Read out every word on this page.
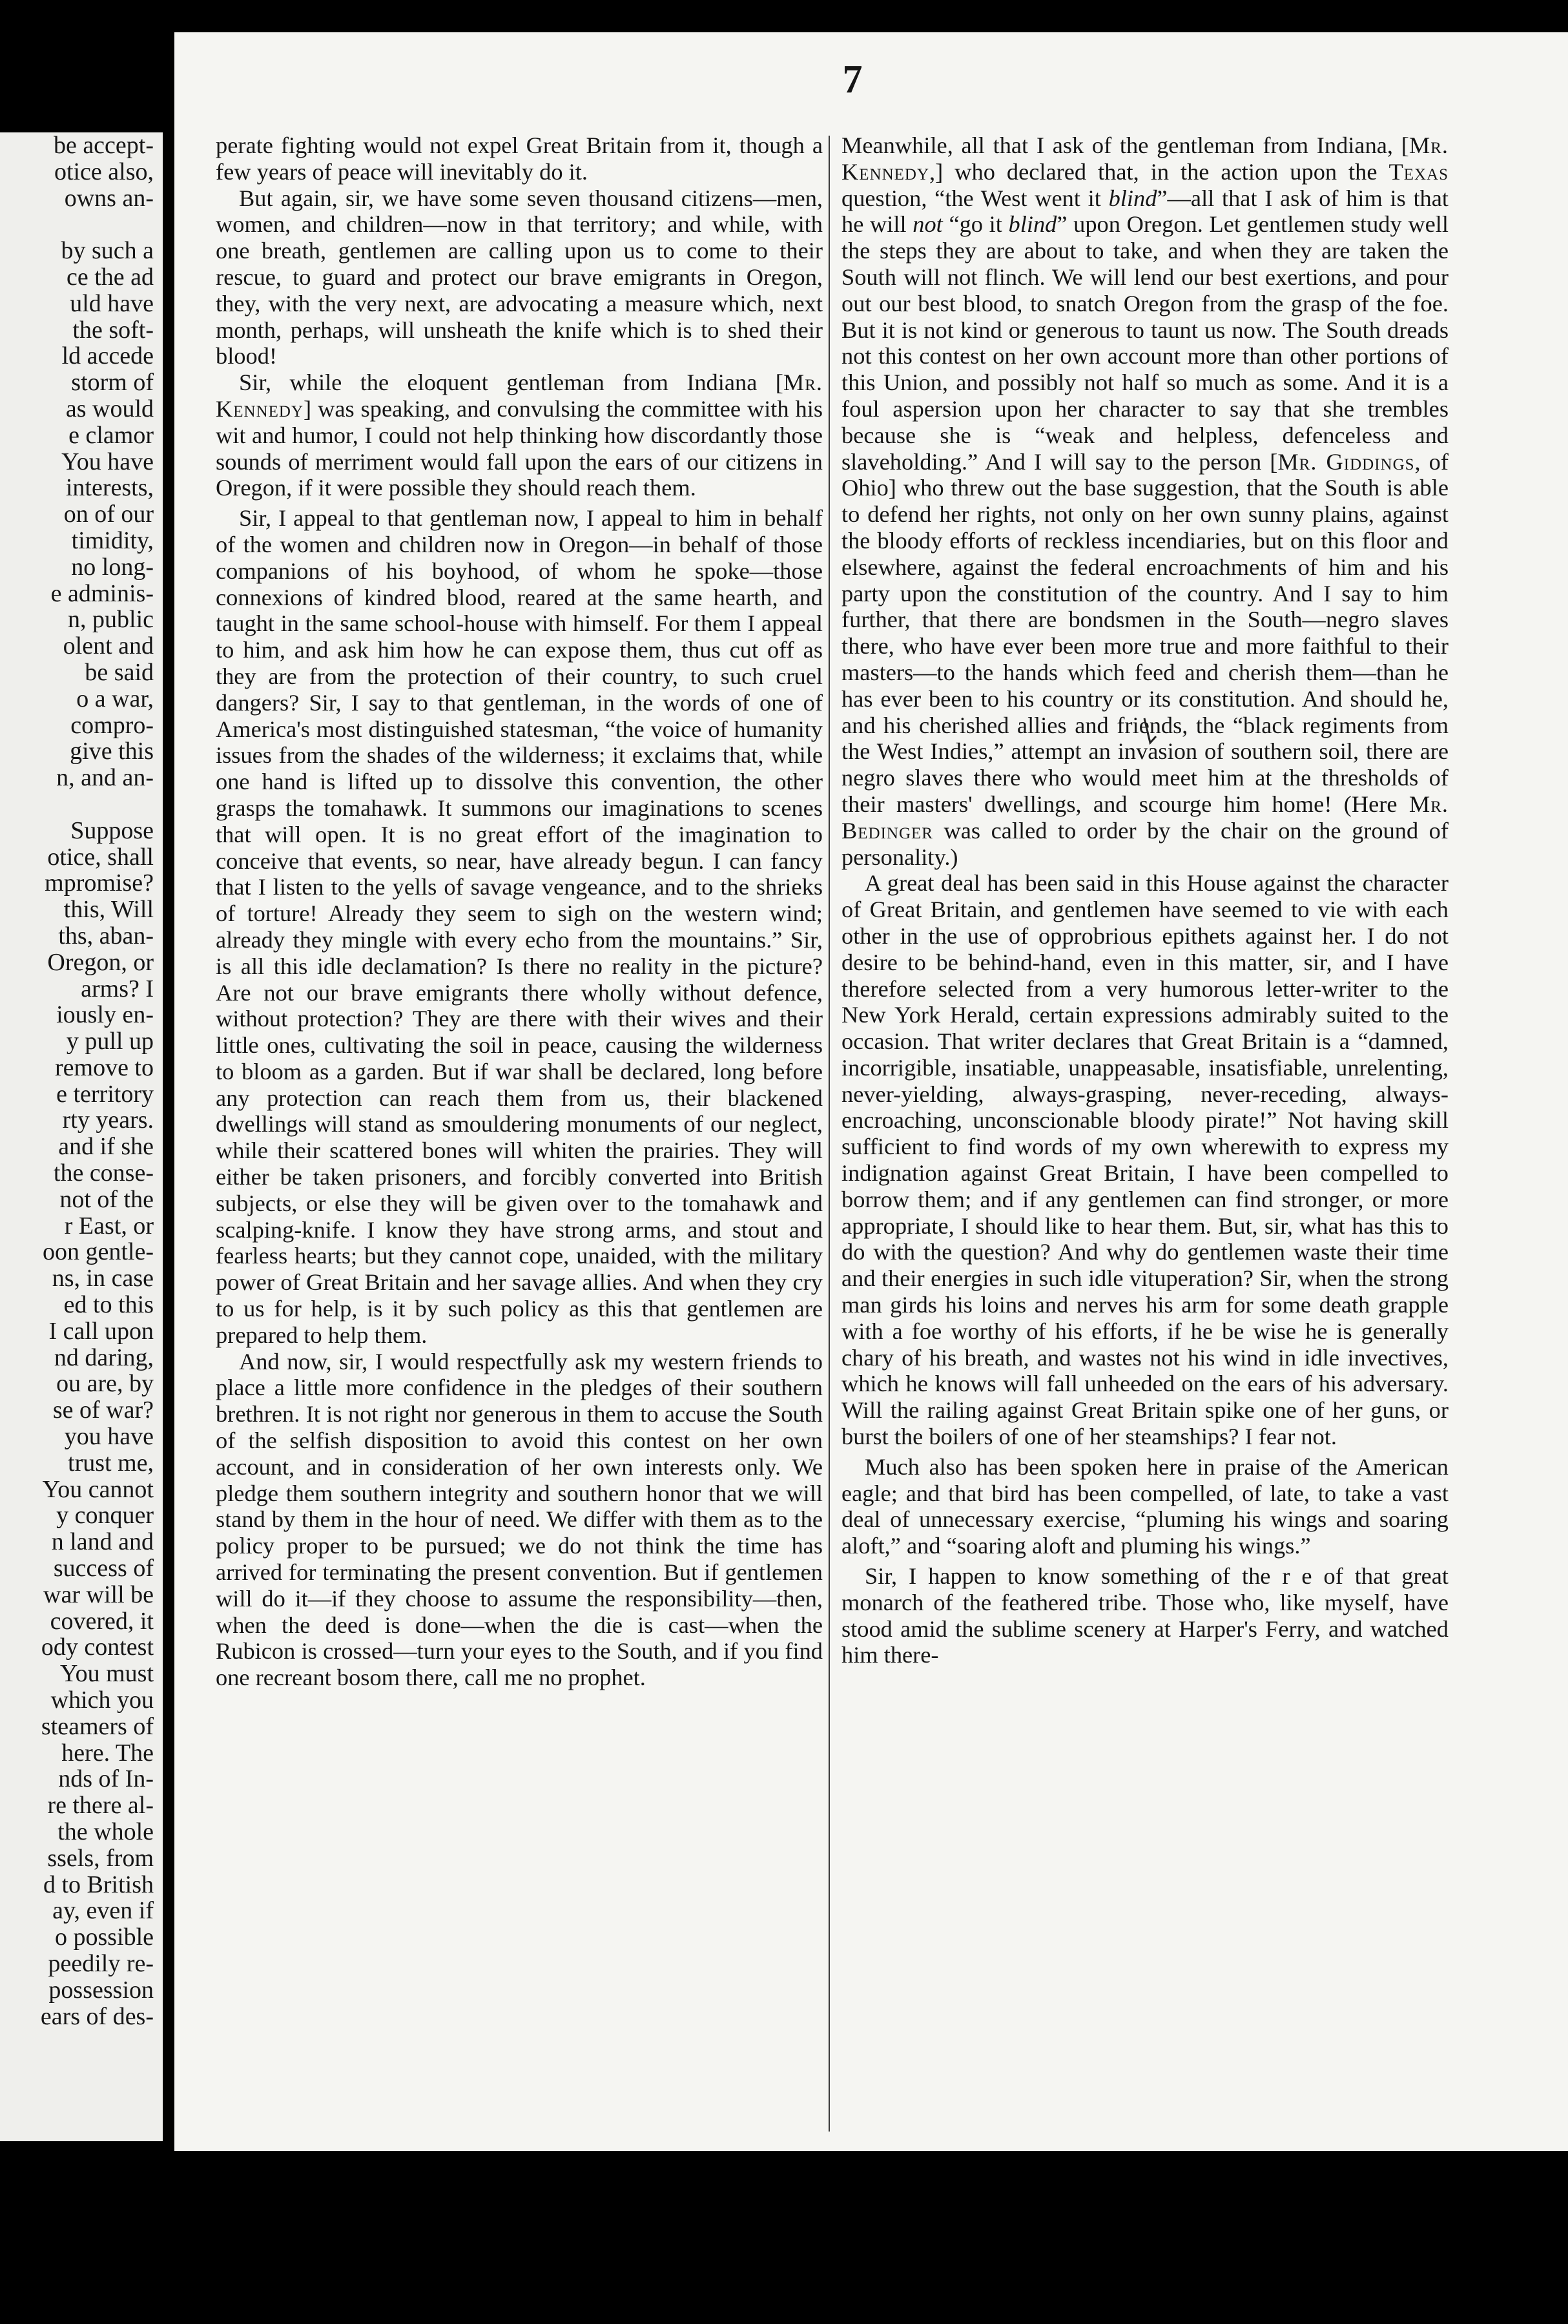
be accept-
otice also,
owns an-
by such a
ce the ad
uld have
the soft-
ld accede
storm of
as would
e clamor
You have
interests,
on of our
timidity,
no long-
e adminis-
n, public
olent and
be said
o a war,
compro-
give this
n, and an-
Suppose
otice, shall
mpromise?
this, Will
ths, aban-
Oregon, or
arms? I
iously en-
y pull up
remove to
e territory
rty years.
and if she
the conse-
not of the
r East, or
oon gentle-
ns, in case
ed to this
I call upon
nd daring,
ou are, by
se of war?
you have
trust me,
You cannot
y conquer
n land and
success of
war will be
covered, it
ody contest
You must
which you
steamers of
here. The
nds of In-
re there al-
the whole
ssels, from
d to British
ay, even if
o possible
peedily re-
possession
ears of des-
7

perate fighting would not expel Great Britain from it, though a few years of peace will inevitably do it.

But again, sir, we have some seven thousand citizens—men, women, and children—now in that territory; and while, with one breath, gentlemen are calling upon us to come to their rescue, to guard and protect our brave emigrants in Oregon, they, with the very next, are advocating a measure which, next month, perhaps, will unsheath the knife which is to shed their blood!

Sir, while the eloquent gentleman from Indiana [Mr. Kennedy] was speaking, and convulsing the committee with his wit and humor, I could not help thinking how discordantly those sounds of merriment would fall upon the ears of our citizens in Oregon, if it were possible they should reach them.

Sir, I appeal to that gentleman now, I appeal to him in behalf of the women and children now in Oregon—in behalf of those companions of his boyhood, of whom he spoke—those connexions of kindred blood, reared at the same hearth, and taught in the same school-house with himself. For them I appeal to him, and ask him how he can expose them, thus cut off as they are from the protection of their country, to such cruel dangers? Sir, I say to that gentleman, in the words of one of America's most distinguished statesman, “the voice of humanity issues from the shades of the wilderness; it exclaims that, while one hand is lifted up to dissolve this convention, the other grasps the tomahawk. It summons our imaginations to scenes that will open. It is no great effort of the imagination to conceive that events, so near, have already begun. I can fancy that I listen to the yells of savage vengeance, and to the shrieks of torture! Already they seem to sigh on the western wind; already they mingle with every echo from the mountains.” Sir, is all this idle declamation? Is there no reality in the picture? Are not our brave emigrants there wholly without defence, without protection? They are there with their wives and their little ones, cultivating the soil in peace, causing the wilderness to bloom as a garden. But if war shall be declared, long before any protection can reach them from us, their blackened dwellings will stand as smouldering monuments of our neglect, while their scattered bones will whiten the prairies. They will either be taken prisoners, and forcibly converted into British subjects, or else they will be given over to the tomahawk and scalping-knife. I know they have strong arms, and stout and fearless hearts; but they cannot cope, unaided, with the military power of Great Britain and her savage allies. And when they cry to us for help, is it by such policy as this that gentlemen are prepared to help them.

And now, sir, I would respectfully ask my western friends to place a little more confidence in the pledges of their southern brethren. It is not right nor generous in them to accuse the South of the selfish disposition to avoid this contest on her own account, and in consideration of her own interests only. We pledge them southern integrity and southern honor that we will stand by them in the hour of need. We differ with them as to the policy proper to be pursued; we do not think the time has arrived for terminating the present convention. But if gentlemen will do it—if they choose to assume the responsibility—then, when the deed is done—when the die is cast—when the Rubicon is crossed—turn your eyes to the South, and if you find one recreant bosom there, call me no prophet.

Meanwhile, all that I ask of the gentleman from Indiana, [Mr. Kennedy,] who declared that, in the action upon the Texas question, “the West went it blind”—all that I ask of him is that he will not “go it blind” upon Oregon. Let gentlemen study well the steps they are about to take, and when they are taken the South will not flinch. We will lend our best exertions, and pour out our best blood, to snatch Oregon from the grasp of the foe. But it is not kind or generous to taunt us now. The South dreads not this contest on her own account more than other portions of this Union, and possibly not half so much as some. And it is a foul aspersion upon her character to say that she trembles because she is “weak and helpless, defenceless and slaveholding.” And I will say to the person [Mr. Giddings, of Ohio] who threw out the base suggestion, that the South is able to defend her rights, not only on her own sunny plains, against the bloody efforts of reckless incendiaries, but on this floor and elsewhere, against the federal encroachments of him and his party upon the constitution of the country. And I say to him further, that there are bondsmen in the South—negro slaves there, who have ever been more true and more faithful to their masters—to the hands which feed and cherish them—than he has ever been to his country or its constitution. And should he, and his cherished allies and friends, the “black regiments from the West Indies,” attempt an invasion of southern soil, there are negro slaves there who would meet him at the thresholds of their masters' dwellings, and scourge him home! (Here Mr. Bedinger was called to order by the chair on the ground of personality.)

A great deal has been said in this House against the character of Great Britain, and gentlemen have seemed to vie with each other in the use of opprobrious epithets against her. I do not desire to be behind-hand, even in this matter, sir, and I have therefore selected from a very humorous letter-writer to the New York Herald, certain expressions admirably suited to the occasion. That writer declares that Great Britain is a “damned, incorrigible, insatiable, unappeasable, insatisfiable, unrelenting, never-yielding, always-grasping, never-receding, always-encroaching, unconscionable bloody pirate!” Not having skill sufficient to find words of my own wherewith to express my indignation against Great Britain, I have been compelled to borrow them; and if any gentlemen can find stronger, or more appropriate, I should like to hear them. But, sir, what has this to do with the question? And why do gentlemen waste their time and their energies in such idle vituperation? Sir, when the strong man girds his loins and nerves his arm for some death grapple with a foe worthy of his efforts, if he be wise he is generally chary of his breath, and wastes not his wind in idle invectives, which he knows will fall unheeded on the ears of his adversary. Will the railing against Great Britain spike one of her guns, or burst the boilers of one of her steamships? I fear not.

Much also has been spoken here in praise of the American eagle; and that bird has been compelled, of late, to take a vast deal of unnecessary exercise, “pluming his wings and soaring aloft,” and “soaring aloft and pluming his wings.”

Sir, I happen to know something of the r e of that great monarch of the feathered tribe. Those who, like myself, have stood amid the sublime scenery at Harper's Ferry, and watched him there-
